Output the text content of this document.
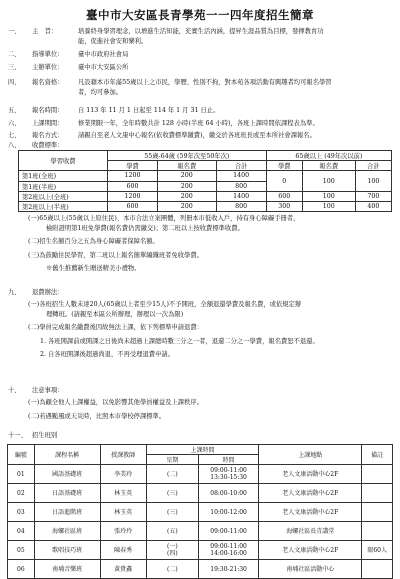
臺中市大安區長青學苑一一四年度招生簡章
一、 主　旨：	培養終身學習理念，以增進生活知能，充實生活內涵，提昇生涯品質為目標，發揮教育功
能，促進社會安和樂利。
二、 指導單位： 臺中市政府社會局
三、 主辦單位： 臺中市大安區公所
四、 報名資格： 凡設籍本市年滿55歲以上之市民，學歷、性別不拘，對本苑各項活動有興趣者均可報名學習
者，均可參加。
五、 報名時間： 自 113 年 11 月 1 日起至 114 年 1 月 31 日止。
六、 上課期間： 修業期限一年，全年時數共計 128 小時(半班 64 小時)，各班上課時間依課程表為準。
七、 報名方式： 請親自至老人文康中心報名(依收費標準繳費)，繳交於各班班長或至本所社會課報名。
八、 收費標準：
學習收費	55歲-64歲 (59年次至50年次)			65歲以上 (49年次以前)		
	學費	報名費	合計	學費	報名費	合計
第1班(全班)	1200	200	1400	0	100	100
第1班(半班)	600	200	800			
第2班以上(全班)	1200	200	1400	600	100	700
第2班以上(半班)	600	200	800	300	100	400
(一)65歲以上(55歲以上原住民)、本市合法立案團體，列冊本市低收入戶，持有身心障礙手冊者，
檢附證明第1班免學費(報名費仍需繳交)；第二班以上按收費標準收費。
(二)招生名額百分之五為身心障礙者保障名額。
(三)為鼓勵住民學習，第二班以上報名簡單編織班者免收學費。
※舊生推薦新生贈送精美小禮物。
九、 退費辦法：
(一)各班招生人數未達20人(65歲以上者至少15人)不予開班，全額退還學費及報名費，或依規定辦
理轉班。(請親至本區公所辦理，辦理以一次為限)
(二)學員完成報名繳費後因故無法上課，依下列標準申請退費：
1. 各班開課前或開課之日後尚未超過上課總時數三分之一者，退還二分之一學費，報名費恕不退還。
2. 自各班開課後超過尚退，不再受理退費申請。
十、 注意事項：
(一)為顧全他人上課權益，以免影響其他學員權益及上課秩序。
(二)若遇颱風或天災時，比照本市學校停課標準。
十一、 招生班別
編號	課程名稱	授課教師	上課時間		上課地點	備註
			星期	時間		
01	國語基礎班	李美玲	(二)	09:00-11:00
13:30-15:30	老人文康活動中心2F	
02	日語基礎班	林玉英	(三)	08:00-10:00	老人文康活動中心2F	
03	日語進階班	林玉英	(三)	10:00-12:00	老人文康活動中心2F	
04	海螺社區班	張玲玲	(五)	09:00-11:00	海螺社區長青講堂	
05	歌唱技巧班	陳春秀	(一)
(四)	09:00-11:00
14:00-16:00	老人文康活動中心2F	限60人
06	南埔音樂班	黃貴鑫	(二)	19:30-21:30	南埔社區活動中心	
